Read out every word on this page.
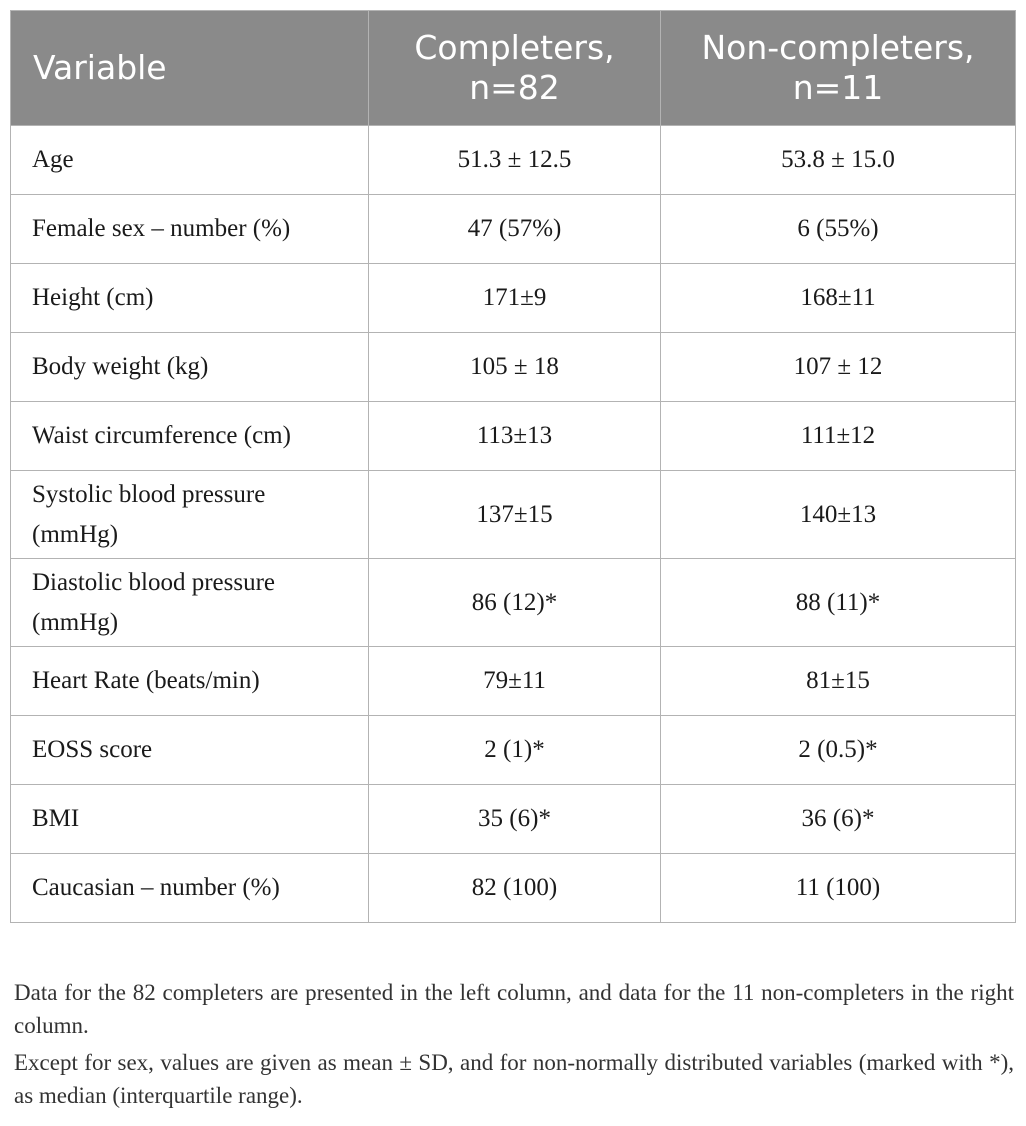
Variable	Completers, n=82	Non-completers, n=11
Age	51.3 ± 12.5	53.8 ± 15.0
Female sex – number (%)	47 (57%)	6 (55%)
Height (cm)	171±9	168±11
Body weight (kg)	105 ± 18	107 ± 12
Waist circumference (cm)	113±13	111±12
Systolic blood pressure (mmHg)	137±15	140±13
Diastolic blood pressure (mmHg)	86 (12)*	88 (11)*
Heart Rate (beats/min)	79±11	81±15
EOSS score	2 (1)*	2 (0.5)*
BMI	35 (6)*	36 (6)*
Caucasian – number (%)	82 (100)	11 (100)

Data for the 82 completers are presented in the left column, and data for the 11 non-completers in the right column.

Except for sex, values are given as mean ± SD, and for non-normally distributed variables (marked with *), as median (interquartile range).
